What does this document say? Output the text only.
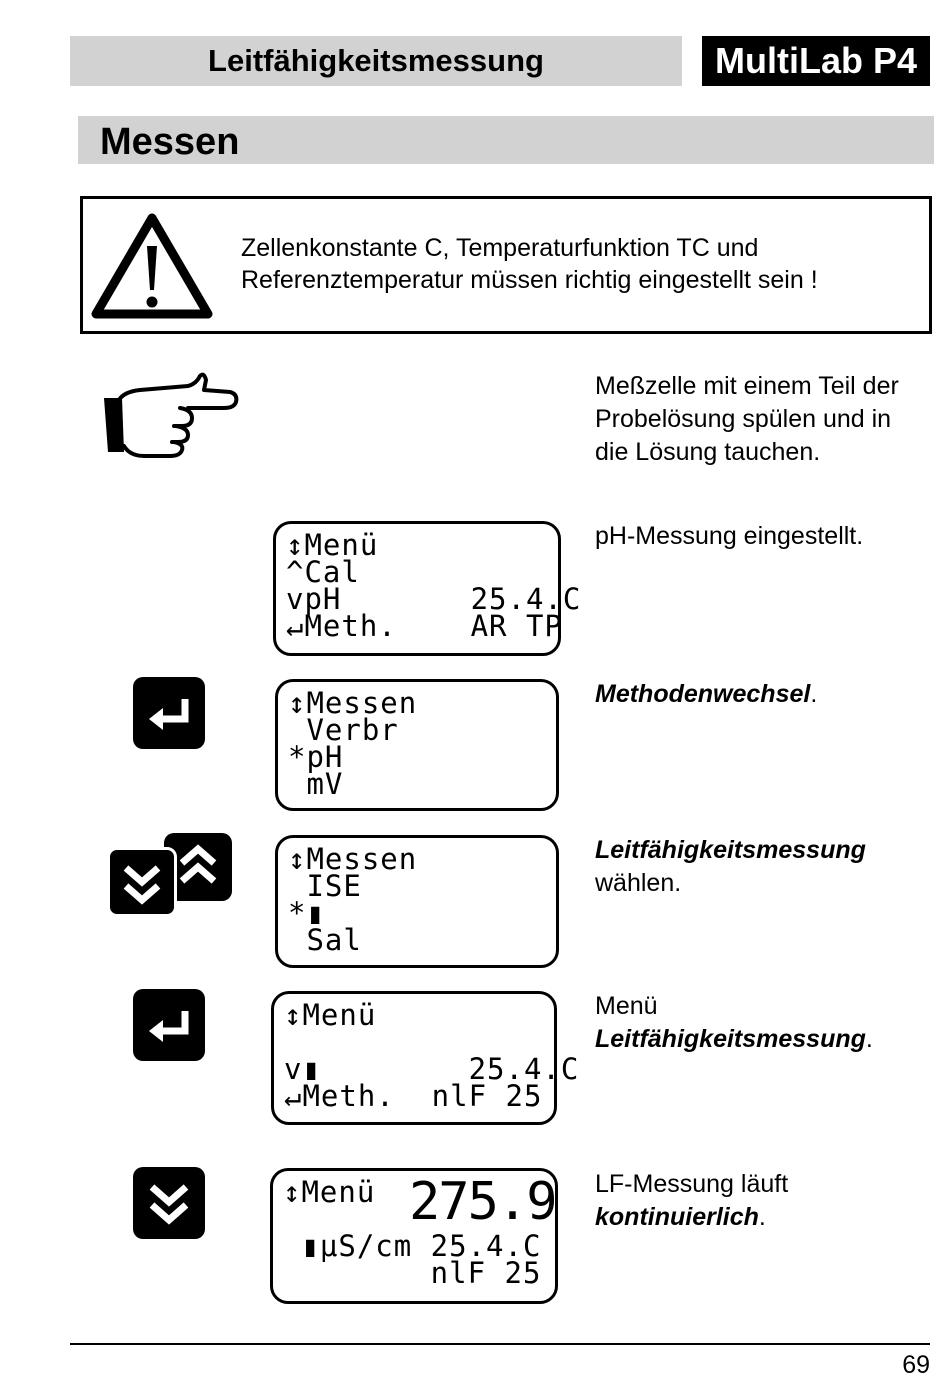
Leitfähigkeitsmessung	MultiLab P4
Messen
Zellenkonstante C, Temperaturfunktion TC und
Referenztemperatur müssen richtig eingestellt sein !
Meßzelle mit einem Teil der
Probelösung spülen und in
die Lösung tauchen.
↕Menü
^Cal
vpH       25.4.C
↵Meth.    AR TP
pH-Messung eingestellt.
↕Messen
Verbr
*pH
mV
Methodenwechsel.
↕Messen
ISE
*▮
Sal
Leitfähigkeitsmessung
wählen.
↕Menü
v▮        25.4.C
↵Meth.  nlF 25
Menü
Leitfähigkeitsmessung.
↕Menü 275.9
▮μS/cm 25.4.C
nlF 25
LF-Messung läuft
kontinuierlich.
69
